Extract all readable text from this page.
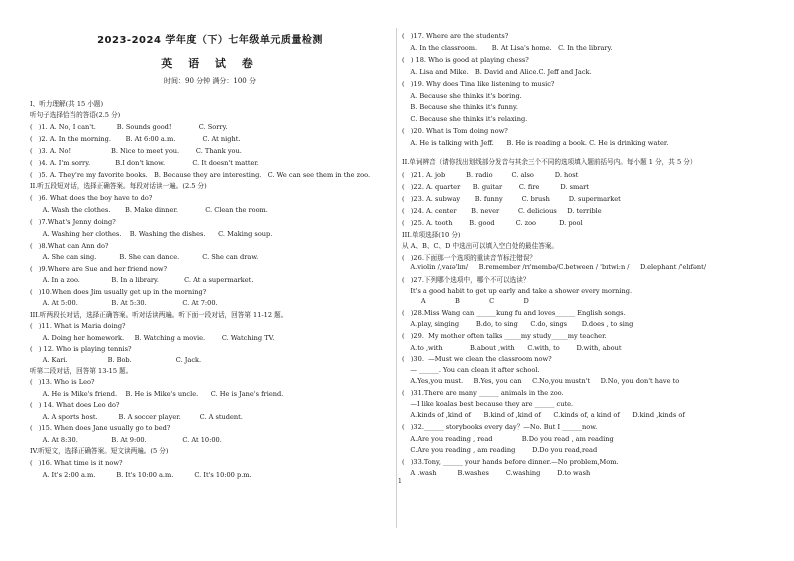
2023-2024 学年度（下）七年级单元质量检测
英 语 试 卷
时间：90 分钟 满分：100 分
I、听力理解(共 15 小题)
听句子选择恰当的答语(2.5 分)
(   )1. A. No, I can't.          B. Sounds good!             C. Sorry.
(   )2. A. In the morning.       B. At 6:00 a.m.             C. At night.
(   )3. A. No!                   B. Nice to meet you.        C. Thank you.
(   )4. A. I'm sorry.            B.I don't know.             C. It doesn't matter.
(   )5. A. They're my favorite books.   B. Because they are interesting.   C. We can see them in the zoo.
II.听五段短对话，选择正确答案。每段对话读一遍。(2.5 分)
(   )6. What does the boy have to do?
A. Wash the clothes.       B. Make dinner.             C. Clean the room.
(   )7.What's Jenny doing?
A. Washing her clothes.    B. Washing the dishes.      C. Making soup.
(   )8.What can Ann do?
A. She can sing.           B. She can dance.           C. She can draw.
(   )9.Where are Sue and her friend now?
A. In a zoo.               B. In a library.            C. At a supermarket.
(   )10.When does Jim usually get up in the morning?
A. At 5:00.                B. At 5:30.                 C. At 7:00.
III.听两段长对话，选择正确答案。听对话读两遍。听下面一段对话，回答第 11-12 题。
(   )11. What is Maria doing?
A. Doing her homework.     B. Watching a movie.        C. Watching TV.
(   ) 12. Who is playing tennis?
A. Kari.                   B. Bob.                     C. Jack.
听第二段对话，回答第 13-15 题。
(   )13. Who is Leo?
A. He is Mike's friend.    B. He is Mike's uncle.      C. He is Jane's friend.
(   ) 14. What does Leo do?
A. A sports host.          B. A soccer player.         C. A student.
(   )15. When does Jane usually go to bed?
A. At 8:30.                B. At 9:00.                 C. At 10:00.
IV.听短文，选择正确答案。短文读两遍。(5 分)
(   )16. What time is it now?
A. It's 2:00 a.m.          B. It's 10:00 a.m.          C. It's 10:00 p.m.
(   )17. Where are the students?
A. In the classroom.       B. At Lisa's home.   C. In the library.
(   ) 18. Who is good at playing chess?
A. Lisa and Mike.   B. David and Alice.C. Jeff and Jack.
(   )19. Why does Tina like listening to music?
A. Because she thinks it's boring.
B. Because she thinks it's funny.
C. Because she thinks it's relaxing.
(   )20. What is Tom doing now?
A. He is talking with Jeff.      B. He is reading a book. C. He is drinking water.
II.单词辨音（请你找出划线部分发音与其余三个不同的选项填入题前括号内。每小题 1 分，共 5 分）
(   )21. A. job          B. radio         C. also          D. host
(   )22. A. quarter      B. guitar        C. fire          D. smart
(   )23. A. subway       B. funny         C. brush         D. supermarket
(   )24. A. center       B. never         C. delicious     D. terrible
(   )25. A. tooth        B. good          C. zoo           D. pool
III.单项选择(10 分)
从 A、B、C、D 中选出可以填入空白处的最佳答案。
(   )26.下面那一个选项的重读音节标注错误？
A.violin /,vaɪə'lɪn/     B.remember /rɪ'membə/C.between / 'bɪtwiːn /     D.elephant /'elɪfənt/
(   )27.下列哪个选项中，哪个不可以选读？
It's a good habit to get up early and take a shower every morning.
A              B              C              D
(   )28.Miss Wang can ______kung fu and loves______ English songs.
A.play, singing        B.do, to sing      C.do, sings       D.does , to sing
(   )29.  My mother often talks _____my study_____my teacher.
A.to ,with             B.about ,with      C.with, to        D.with, about
(   )30.  —Must we clean the classroom now?
— ______. You can clean it after school.
A.Yes,you must.     B.Yes, you can     C.No,you mustn't     D.No, you don't have to
(   )31.There are many ______ animals in the zoo.
—I like koalas best because they are ______ cute.
A.kinds of ,kind of      B.kind of ,kind of      C.kinds of, a kind of      D.kind ,kinds of
(   )32.______ storybooks every day？—No. But I ______now.
A.Are you reading , read              B.Do you read , am reading
C.Are you reading , am reading        D.Do you read,read
(   )33.Tony, ______ your hands before dinner.—No problem,Mom.
A .wash          B.washes        C.washing        D.to wash
1
